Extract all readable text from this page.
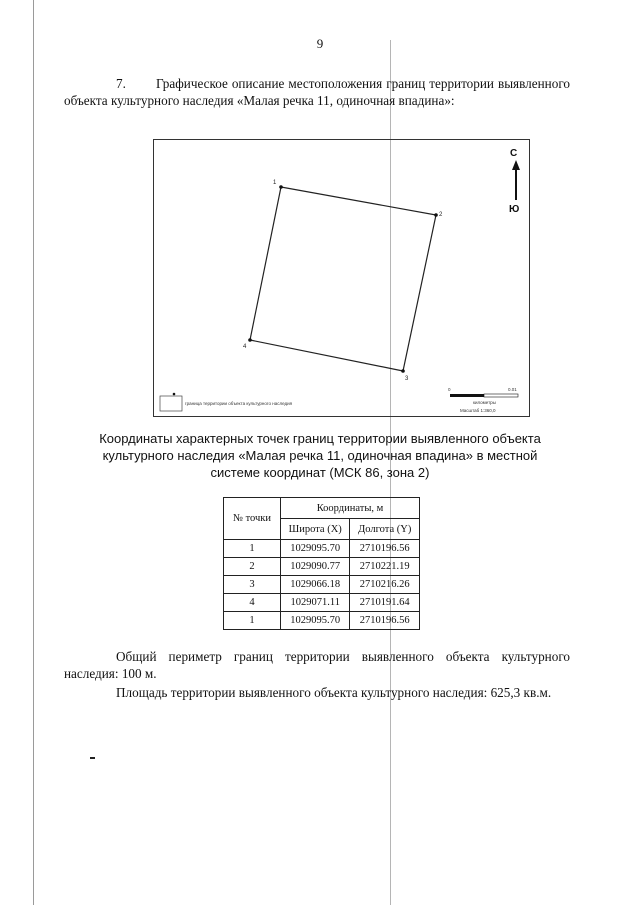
9
7. Графическое описание местоположения границ территории выявленного объекта культурного наследия «Малая речка 11, одиночная впадина»:
1
2
3
4
С
Ю
граница территории объекта культурного наследия
0	0.01
километры
Масштаб 1:360,0
Координаты характерных точек границ территории выявленного объекта культурного наследия «Малая речка 11, одиночная впадина» в местной системе координат (МСК 86, зона 2)
№ точки	Координаты, м	
	Широта (X)	Долгота (Y)
1	1029095.70	2710196.56
2	1029090.77	2710221.19
3	1029066.18	2710216.26
4	1029071.11	2710191.64
1	1029095.70	2710196.56
Общий периметр границ территории выявленного объекта культурного наследия: 100 м.
Площадь территории выявленного объекта культурного наследия: 625,3 кв.м.
